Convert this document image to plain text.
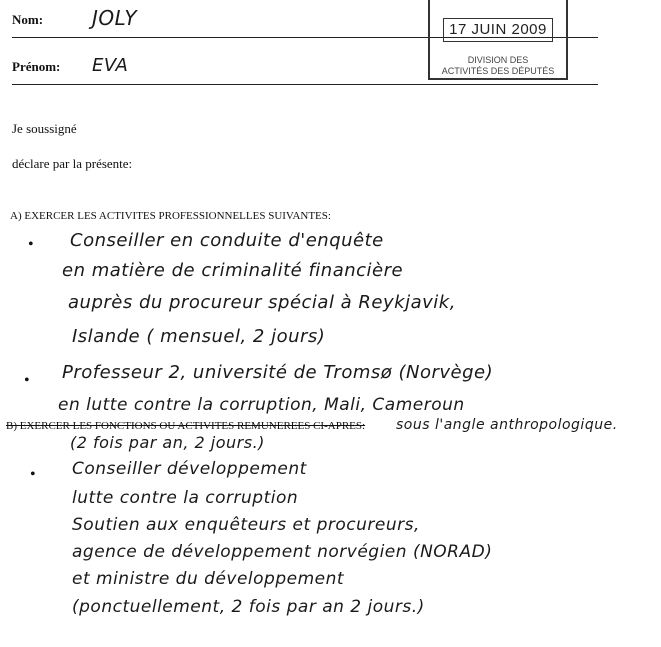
Nom: JOLY
Prénom: EVA
17 JUIN 2009
DIVISION DES
ACTIVITÉS DES DÉPUTÉS
Je soussigné
déclare par la présente:
A) EXERCER LES ACTIVITES PROFESSIONNELLES SUIVANTES:
• Conseiller en conduite d'enquête
en matière de criminalité financière
auprès du procureur spécial à Reykjavik,
Islande ( mensuel, 2 jours)
• Professeur 2, université de Tromsø (Norvège)
en lutte contre la corruption, Mali, Cameroun
B) EXERCER LES FONCTIONS OU ACTIVITES REMUNEREES CI-APRES: sous l'angle anthropologique.
(2 fois par an, 2 jours.)
• Conseiller développement
lutte contre la corruption
Soutien aux enquêteurs et procureurs,
agence de développement norvégien (NORAD)
et ministre du développement
(ponctuellement, 2 fois par an 2 jours.)
